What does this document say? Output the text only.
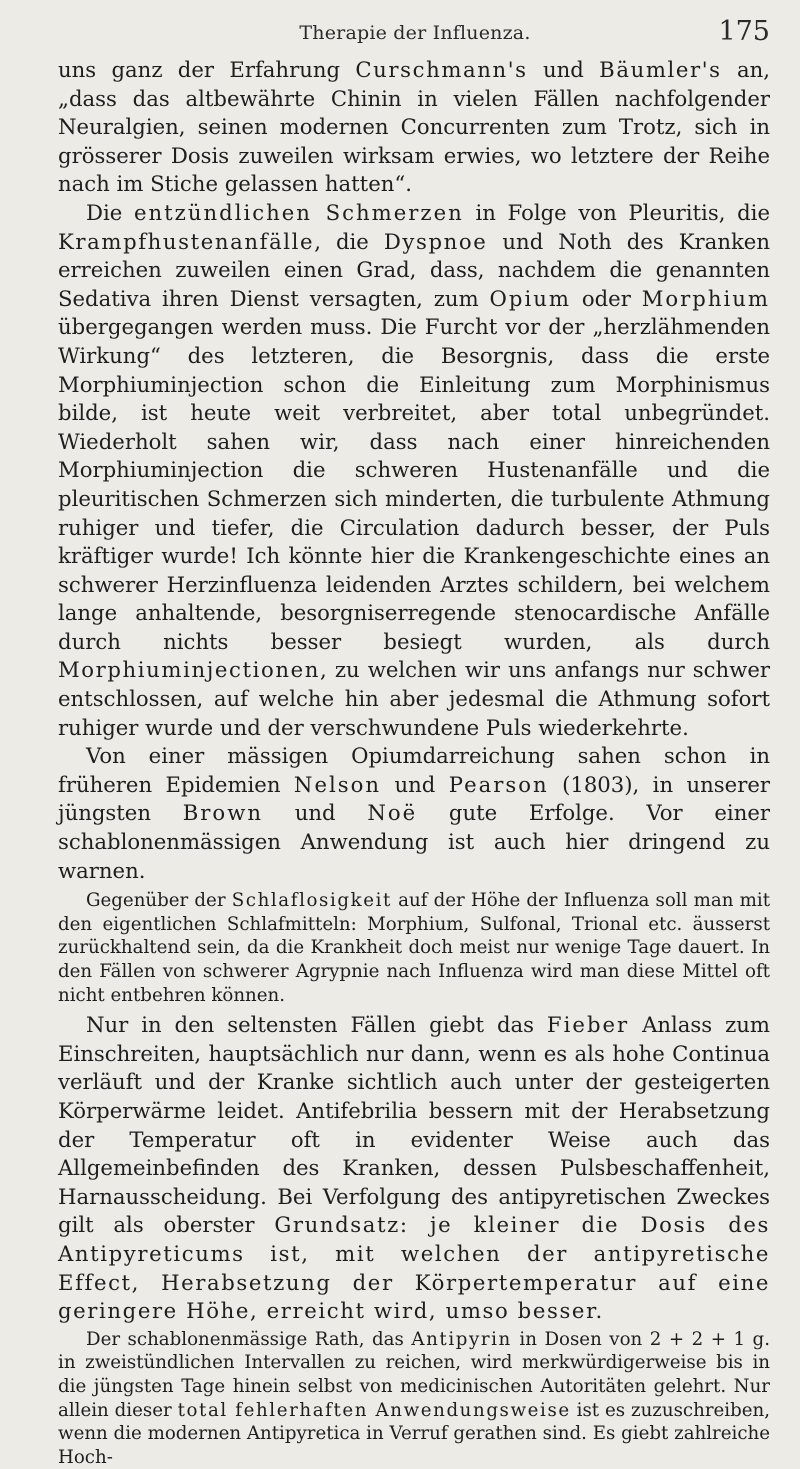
Therapie der Influenza.	175

uns ganz der Erfahrung Curschmann's und Bäumler's an, „dass das altbewährte Chinin in vielen Fällen nachfolgender Neuralgien, seinen modernen Concurrenten zum Trotz, sich in grösserer Dosis zuweilen wirksam erwies, wo letztere der Reihe nach im Stiche gelassen hatten“.

Die entzündlichen Schmerzen in Folge von Pleuritis, die Krampfhustenanfälle, die Dyspnoe und Noth des Kranken erreichen zuweilen einen Grad, dass, nachdem die genannten Sedativa ihren Dienst versagten, zum Opium oder Morphium übergegangen werden muss. Die Furcht vor der „herzlähmenden Wirkung“ des letzteren, die Besorgnis, dass die erste Morphiuminjection schon die Einleitung zum Morphinismus bilde, ist heute weit verbreitet, aber total unbegründet. Wiederholt sahen wir, dass nach einer hinreichenden Morphiuminjection die schweren Hustenanfälle und die pleuritischen Schmerzen sich minderten, die turbulente Athmung ruhiger und tiefer, die Circulation dadurch besser, der Puls kräftiger wurde! Ich könnte hier die Krankengeschichte eines an schwerer Herzinfluenza leidenden Arztes schildern, bei welchem lange anhaltende, besorgniserregende stenocardische Anfälle durch nichts besser besiegt wurden, als durch Morphiuminjectionen, zu welchen wir uns anfangs nur schwer entschlossen, auf welche hin aber jedesmal die Athmung sofort ruhiger wurde und der verschwundene Puls wiederkehrte.

Von einer mässigen Opiumdarreichung sahen schon in früheren Epidemien Nelson und Pearson (1803), in unserer jüngsten Brown und Noë gute Erfolge. Vor einer schablonenmässigen Anwendung ist auch hier dringend zu warnen.

Gegenüber der Schlaflosigkeit auf der Höhe der Influenza soll man mit den eigentlichen Schlafmitteln: Morphium, Sulfonal, Trional etc. äusserst zurückhaltend sein, da die Krankheit doch meist nur wenige Tage dauert. In den Fällen von schwerer Agrypnie nach Influenza wird man diese Mittel oft nicht entbehren können.

Nur in den seltensten Fällen giebt das Fieber Anlass zum Einschreiten, hauptsächlich nur dann, wenn es als hohe Continua verläuft und der Kranke sichtlich auch unter der gesteigerten Körperwärme leidet. Antifebrilia bessern mit der Herabsetzung der Temperatur oft in evidenter Weise auch das Allgemeinbefinden des Kranken, dessen Pulsbeschaffenheit, Harnausscheidung. Bei Verfolgung des antipyretischen Zweckes gilt als oberster Grundsatz: je kleiner die Dosis des Antipyreticums ist, mit welchen der antipyretische Effect, Herabsetzung der Körpertemperatur auf eine geringere Höhe, erreicht wird, umso besser.

Der schablonenmässige Rath, das Antipyrin in Dosen von 2 + 2 + 1 g. in zweistündlichen Intervallen zu reichen, wird merkwürdigerweise bis in die jüngsten Tage hinein selbst von medicinischen Autoritäten gelehrt. Nur allein dieser total fehlerhaften Anwendungsweise ist es zuzuschreiben, wenn die modernen Antipyretica in Verruf gerathen sind. Es giebt zahlreiche Hoch-
